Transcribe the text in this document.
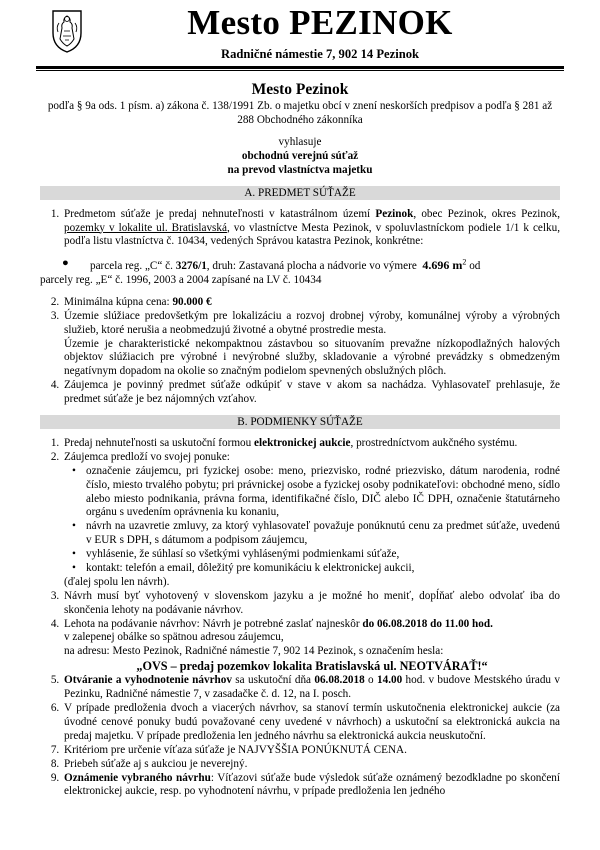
Mesto PEZINOK
Radničné námestie 7, 902 14 Pezinok
Mesto Pezinok
podľa § 9a ods. 1 písm. a) zákona č. 138/1991 Zb. o majetku obcí v znení neskorších predpisov a podľa § 281 až 288 Obchodného zákonníka
vyhlasuje
obchodnú verejnú súťaž
na prevod vlastníctva majetku
A. PREDMET SÚŤAŽE
1. Predmetom súťaže je predaj nehnuteľnosti v katastrálnom území Pezinok, obec Pezinok, okres Pezinok, pozemky v lokalite ul. Bratislavská, vo vlastníctve Mesta Pezinok, v spoluvlastníckom podiele 1/1 k celku, podľa listu vlastníctva č. 10434, vedených Správou katastra Pezinok, konkrétne:

● parcela reg. „C“ č. 3276/1, druh: Zastavaná plocha a nádvorie vo výmere  4.696 $m^2$ od

parcely reg. „E“ č. 1996, 2003 a 2004 zapísané na LV č. 10434

2. Minimálna kúpna cena: 90.000 €
3. Územie slúžiace predovšetkým pre lokalizáciu a rozvoj drobnej výroby, komunálnej výroby a výrobných služieb, ktoré nerušia a neobmedzujú životné a obytné prostredie mesta.
Územie je charakteristické nekompaktnou zástavbou so situovaním prevažne nízkopodlažných halových objektov slúžiacich pre výrobné i nevýrobné služby, skladovanie a výrobné prevádzky s obmedzeným negatívnym dopadom na okolie so značným podielom spevnených obslužných plôch.
4. Záujemca je povinný predmet súťaže odkúpiť v stave v akom sa nachádza. Vyhlasovateľ prehlasuje, že predmet súťaže je bez nájomných vzťahov.
B. PODMIENKY SÚŤAŽE
1. Predaj nehnuteľnosti sa uskutoční formou elektronickej aukcie, prostredníctvom aukčného systému.
2. Záujemca predloží vo svojej ponuke:
• označenie záujemcu, pri fyzickej osobe: meno, priezvisko, rodné priezvisko, dátum narodenia, rodné číslo, miesto trvalého pobytu; pri právnickej osobe a fyzickej osoby podnikateľovi: obchodné meno, sídlo alebo miesto podnikania, právna forma, identifikačné číslo, DIČ alebo IČ DPH, označenie štatutárneho orgánu s uvedením oprávnenia ku konaniu,
• návrh na uzavretie zmluvy, za ktorý vyhlasovateľ považuje ponúknutú cenu za predmet súťaže, uvedenú v EUR s DPH, s dátumom a podpisom záujemcu,
• vyhlásenie, že súhlasí so všetkými vyhlásenými podmienkami súťaže,
• kontakt: telefón a email, dôležitý pre komunikáciu k elektronickej aukcii,
(ďalej spolu len návrh).
3. Návrh musí byť vyhotovený v slovenskom jazyku a je možné ho meniť, dopĺňať alebo odvolať iba do skončenia lehoty na podávanie návrhov.
4. Lehota na podávanie návrhov: Návrh je potrebné zaslať najneskôr do 06.08.2018 do 11.00 hod.
v zalepenej obálke so spätnou adresou záujemcu,
na adresu: Mesto Pezinok, Radničné námestie 7, 902 14 Pezinok, s označením hesla:
„OVS – predaj pozemkov lokalita Bratislavská ul. NEOTVÁRAŤ!“
5. Otváranie a vyhodnotenie návrhov sa uskutoční dňa 06.08.2018 o 14.00 hod. v budove Mestského úradu v Pezinku, Radničné námestie 7, v zasadačke č. d. 12, na I. posch.
6. V prípade predloženia dvoch a viacerých návrhov, sa stanoví termín uskutočnenia elektronickej aukcie (za úvodné cenové ponuky budú považované ceny uvedené v návrhoch) a uskutoční sa elektronická aukcia na predaj majetku. V prípade predloženia len jedného návrhu sa elektronická aukcia neuskutoční.
7. Kritériom pre určenie víťaza súťaže je NAJVYŠŠIA PONÚKNUTÁ CENA.
8. Priebeh súťaže aj s aukciou je neverejný.
9. Oznámenie vybraného návrhu: Víťazovi súťaže bude výsledok súťaže oznámený bezodkladne po skončení elektronickej aukcie, resp. po vyhodnotení návrhu, v prípade predloženia len jedného
